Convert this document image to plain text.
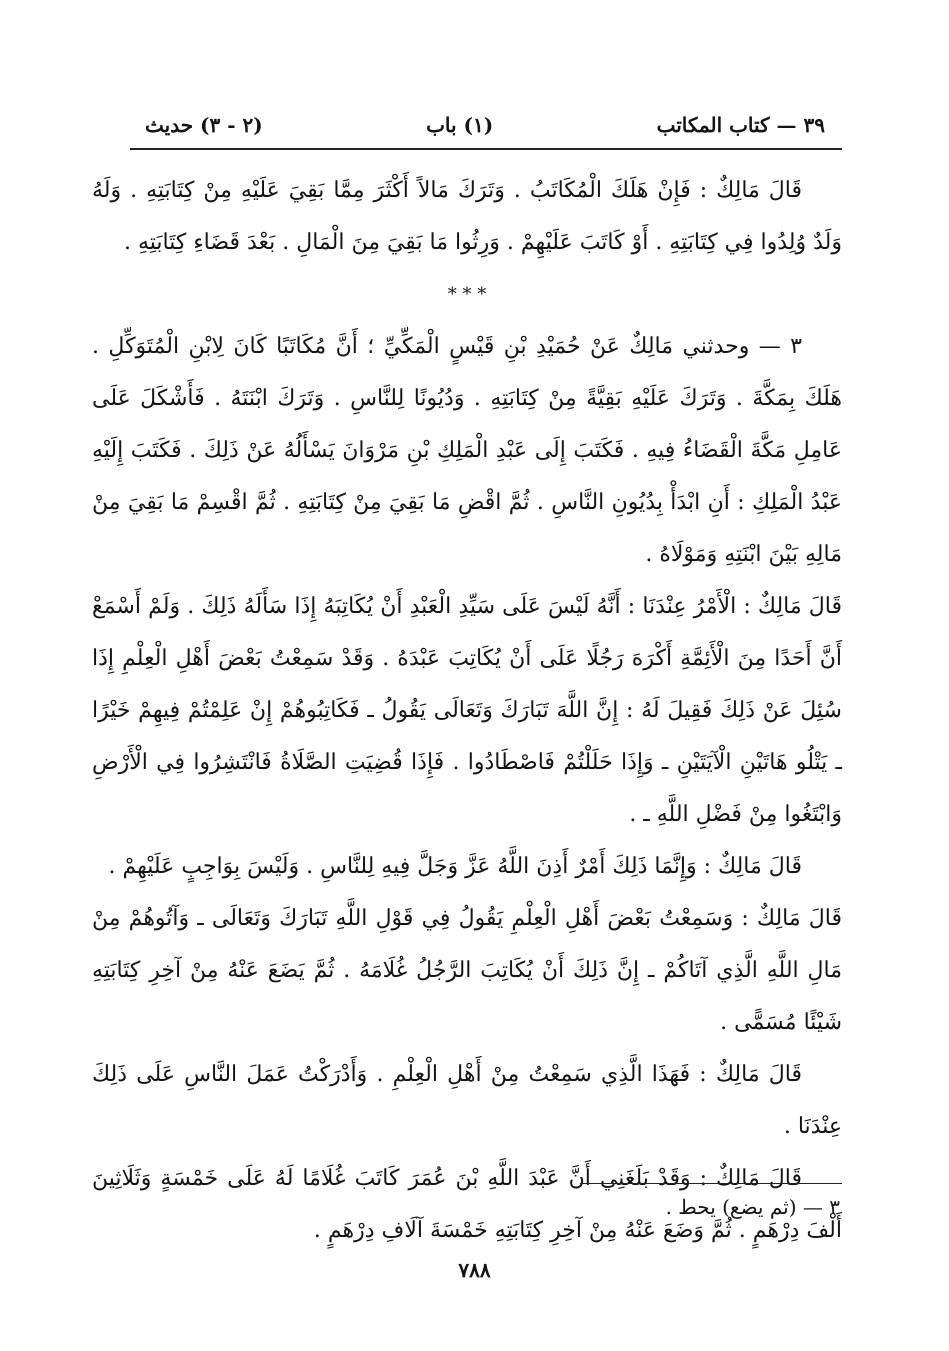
٣٩ — كتاب المكاتب
(١) باب
(٢ - ٣) حديث

قَالَ مَالِكٌ : فَإِنْ هَلَكَ الْمُكَاتَبُ . وَتَرَكَ مَالاً أَكْثَرَ مِمَّا بَقِيَ عَلَيْهِ مِنْ كِتَابَتِهِ . وَلَهُ وَلَدٌ وُلِدُوا فِي كِتَابَتِهِ . أَوْ كَاتَبَ عَلَيْهِمْ . وَرِثُوا مَا بَقِيَ مِنَ الْمَالِ . بَعْدَ قَضَاءِ كِتَابَتِهِ .

* * *

٣ — وحدثني مَالِكٌ عَنْ حُمَيْدِ بْنِ قَيْسٍ الْمَكِّيِّ ؛ أَنَّ مُكَاتَبًا كَانَ لِابْنِ الْمُتَوَكِّلِ . هَلَكَ بِمَكَّةَ . وَتَرَكَ عَلَيْهِ بَقِيَّةً مِنْ كِتَابَتِهِ . وَدُيُونًا لِلنَّاسِ . وَتَرَكَ ابْنَتَهُ . فَأَشْكَلَ عَلَى عَامِلِ مَكَّةَ الْقَضَاءُ فِيهِ . فَكَتَبَ إِلَى عَبْدِ الْمَلِكِ بْنِ مَرْوَانَ يَسْأَلُهُ عَنْ ذَلِكَ . فَكَتَبَ إِلَيْهِ عَبْدُ الْمَلِكِ : أَنِ ابْدَأْ بِدُيُونِ النَّاسِ . ثُمَّ اقْضِ مَا بَقِيَ مِنْ كِتَابَتِهِ . ثُمَّ اقْسِمْ مَا بَقِيَ مِنْ مَالِهِ بَيْنَ ابْنَتِهِ وَمَوْلَاهُ .

قَالَ مَالِكٌ : الْأَمْرُ عِنْدَنَا : أَنَّهُ لَيْسَ عَلَى سَيِّدِ الْعَبْدِ أَنْ يُكَاتِبَهُ إِذَا سَأَلَهُ ذَلِكَ . وَلَمْ أَسْمَعْ أَنَّ أَحَدًا مِنَ الْأَئِمَّةِ أَكْرَهَ رَجُلًا عَلَى أَنْ يُكَاتِبَ عَبْدَهُ . وَقَدْ سَمِعْتُ بَعْضَ أَهْلِ الْعِلْمِ إِذَا سُئِلَ عَنْ ذَلِكَ فَقِيلَ لَهُ : إِنَّ اللَّهَ تَبَارَكَ وَتَعَالَى يَقُولُ ـ فَكَاتِبُوهُمْ إِنْ عَلِمْتُمْ فِيهِمْ خَيْرًا ـ يَتْلُو هَاتَيْنِ الْآيَتَيْنِ ـ وَإِذَا حَلَلْتُمْ فَاصْطَادُوا . فَإِذَا قُضِيَتِ الصَّلَاةُ فَانْتَشِرُوا فِي الْأَرْضِ وَابْتَغُوا مِنْ فَضْلِ اللَّهِ ـ .

قَالَ مَالِكٌ : وَإِنَّمَا ذَلِكَ أَمْرٌ أَذِنَ اللَّهُ عَزَّ وَجَلَّ فِيهِ لِلنَّاسِ . وَلَيْسَ بِوَاجِبٍ عَلَيْهِمْ .

قَالَ مَالِكٌ : وَسَمِعْتُ بَعْضَ أَهْلِ الْعِلْمِ يَقُولُ فِي قَوْلِ اللَّهِ تَبَارَكَ وَتَعَالَى ـ وَآتُوهُمْ مِنْ مَالِ اللَّهِ الَّذِي آتَاكُمْ ـ إِنَّ ذَلِكَ أَنْ يُكَاتِبَ الرَّجُلُ غُلَامَهُ . ثُمَّ يَضَعَ عَنْهُ مِنْ آخِرِ كِتَابَتِهِ شَيْئًا مُسَمًّى .

قَالَ مَالِكٌ : فَهَذَا الَّذِي سَمِعْتُ مِنْ أَهْلِ الْعِلْمِ . وَأَدْرَكْتُ عَمَلَ النَّاسِ عَلَى ذَلِكَ عِنْدَنَا .

قَالَ مَالِكٌ : وَقَدْ بَلَغَنِي أَنَّ عَبْدَ اللَّهِ بْنَ عُمَرَ كَاتَبَ غُلَامًا لَهُ عَلَى خَمْسَةٍ وَثَلَاثِينَ أَلْفَ دِرْهَمٍ . ثُمَّ وَضَعَ عَنْهُ مِنْ آخِرِ كِتَابَتِهِ خَمْسَةَ آلَافِ دِرْهَمٍ .

٣ — (ثم يضع) يحط .
٧٨٨
